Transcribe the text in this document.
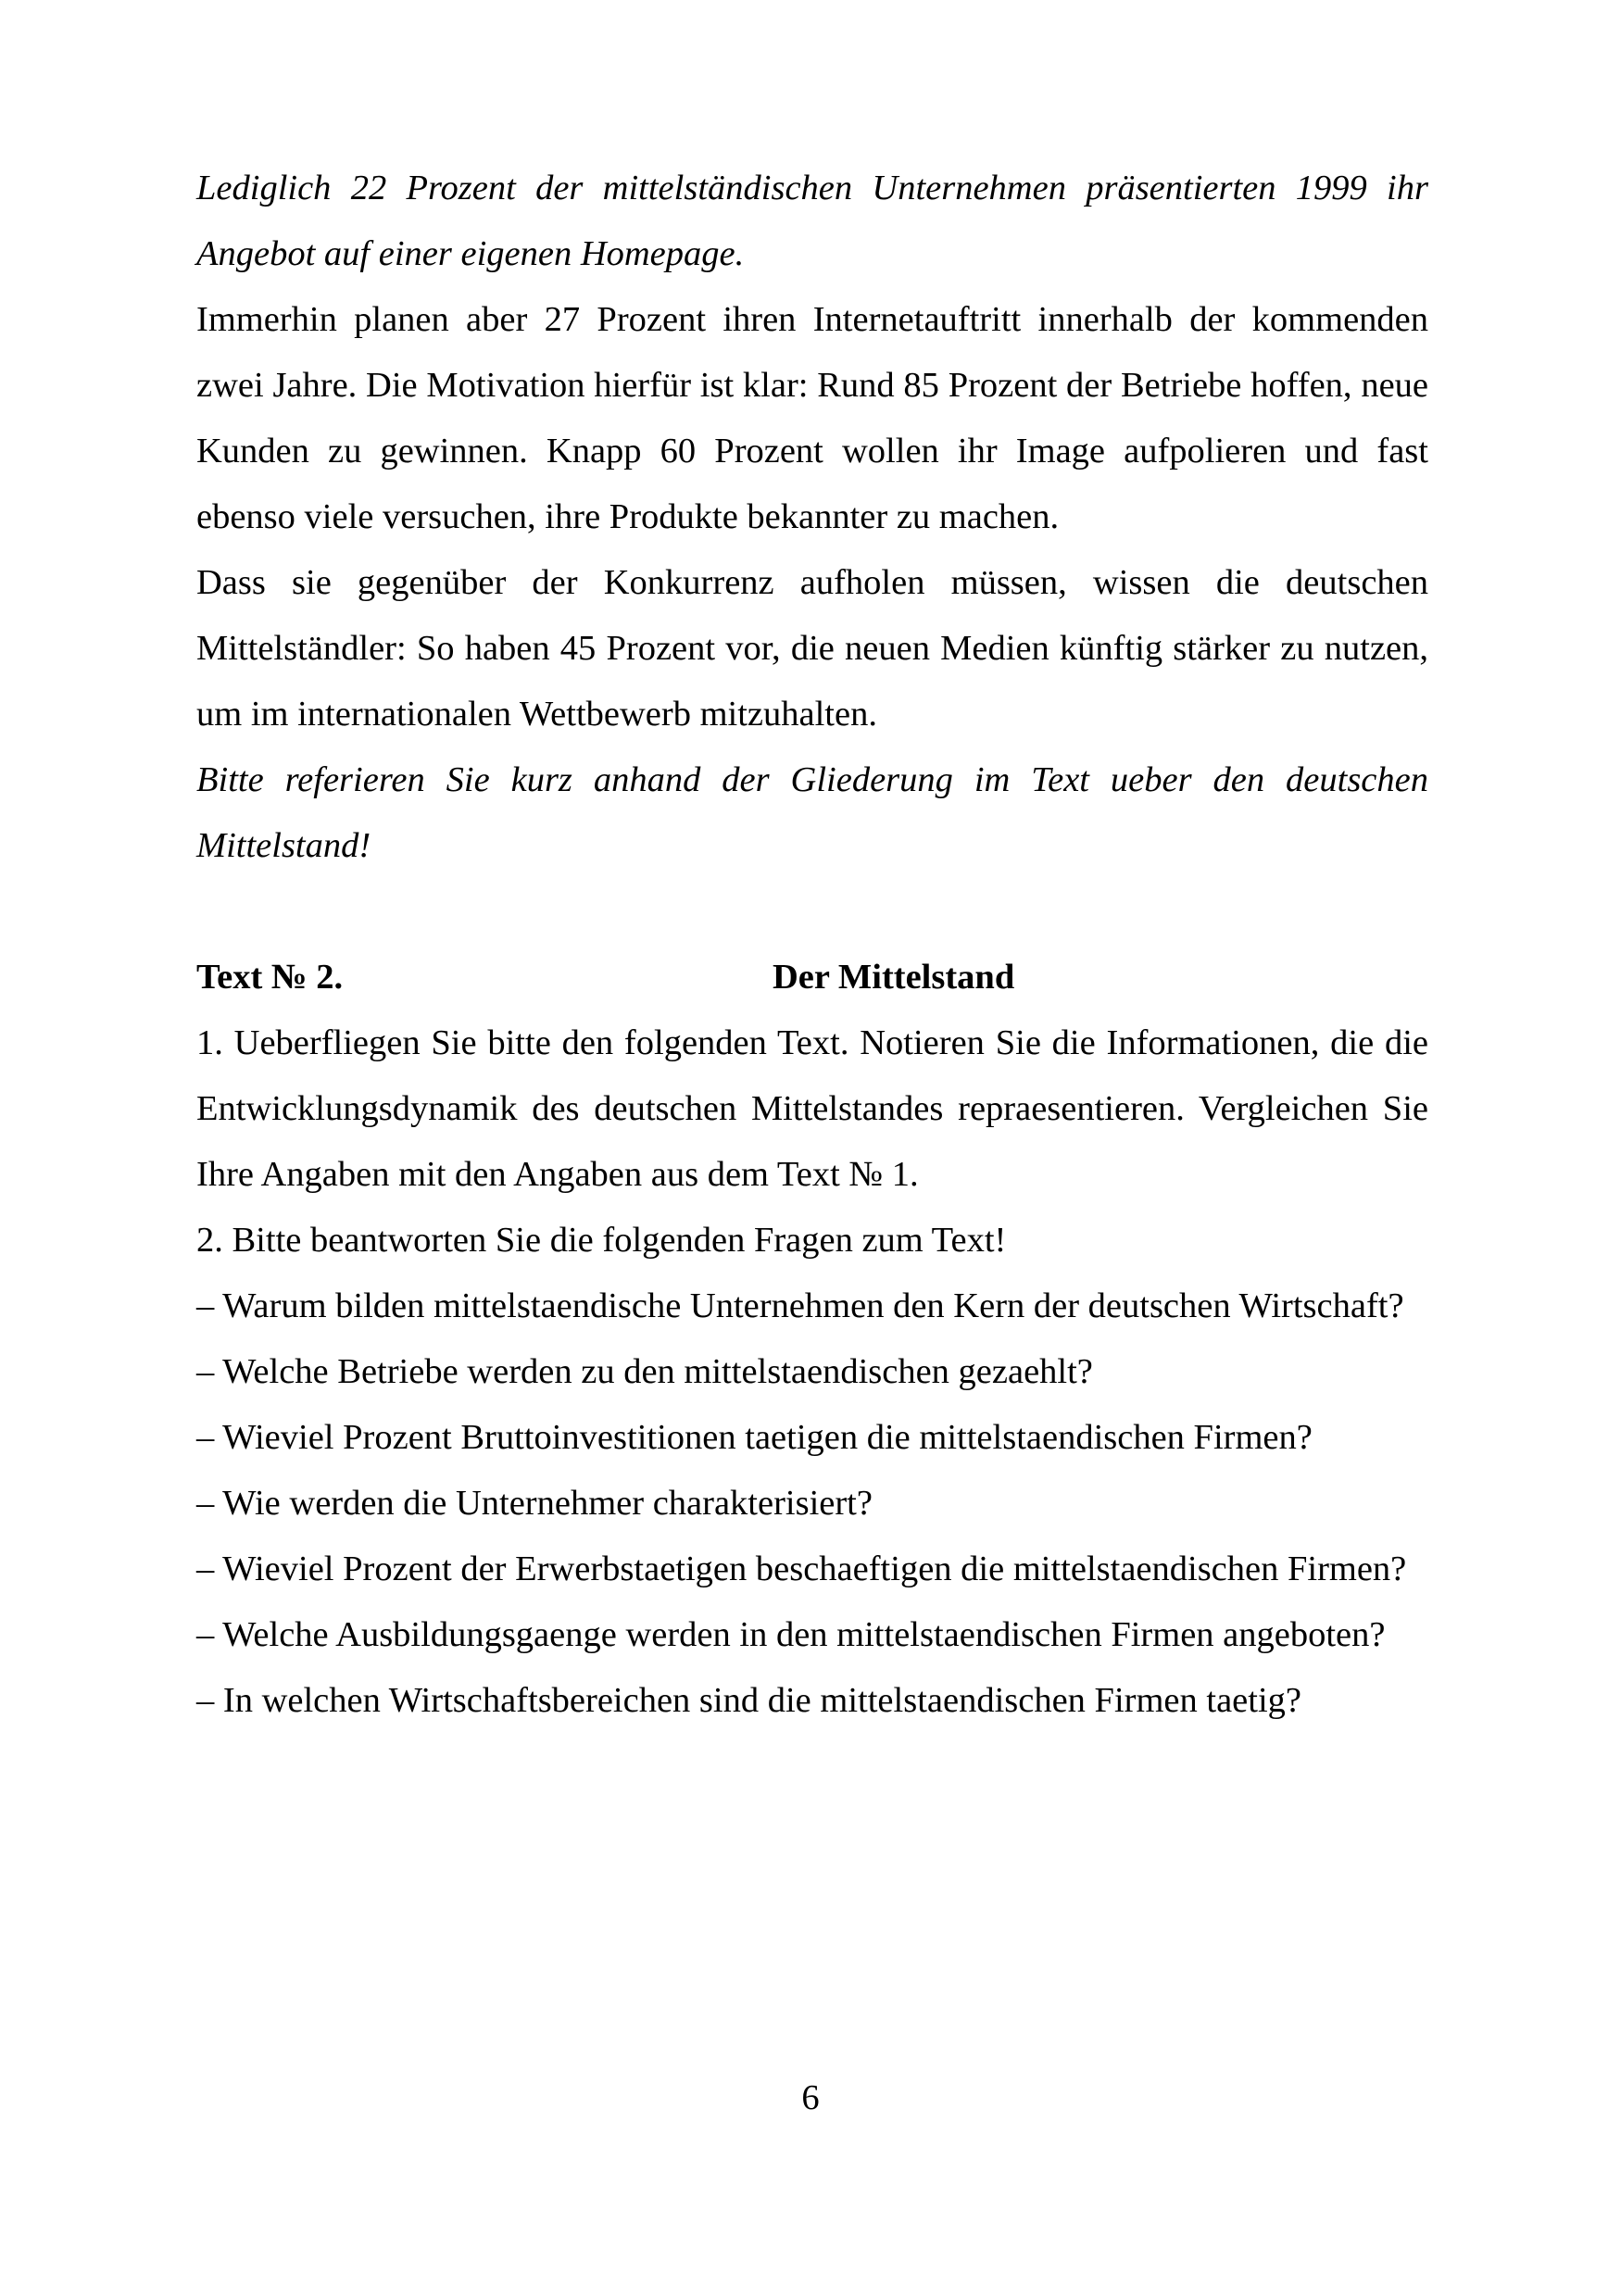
Lediglich 22 Prozent der mittelständischen Unternehmen präsentierten 1999 ihr Angebot auf einer eigenen Homepage.

Immerhin planen aber 27 Prozent ihren Internetauftritt innerhalb der kommenden zwei Jahre. Die Motivation hierfür ist klar: Rund 85 Prozent der Betriebe hoffen, neue Kunden zu gewinnen. Knapp 60 Prozent wollen ihr Image aufpolieren und fast ebenso viele versuchen, ihre Produkte bekannter zu machen.

Dass sie gegenüber der Konkurrenz aufholen müssen, wissen die deutschen Mittelständler: So haben 45 Prozent vor, die neuen Medien künftig stärker zu nutzen, um im internationalen Wettbewerb mitzuhalten.

Bitte referieren Sie kurz anhand der Gliederung im Text ueber den deutschen Mittelstand!

Text № 2.	Der Mittelstand

1. Ueberfliegen Sie bitte den folgenden Text. Notieren Sie die Informationen, die die Entwicklungsdynamik des deutschen Mittelstandes repraesentieren. Vergleichen Sie Ihre Angaben mit den Angaben aus dem Text № 1.

2. Bitte beantworten Sie die folgenden Fragen zum Text!

– Warum bilden mittelstaendische Unternehmen den Kern der deutschen Wirtschaft?

– Welche Betriebe werden zu den mittelstaendischen gezaehlt?

– Wieviel Prozent Bruttoinvestitionen taetigen die mittelstaendischen Firmen?

– Wie werden die Unternehmer charakterisiert?

– Wieviel Prozent der Erwerbstaetigen beschaeftigen die mittelstaendischen Firmen?

– Welche Ausbildungsgaenge werden in den mittelstaendischen Firmen angeboten?

– In welchen Wirtschaftsbereichen sind die mittelstaendischen Firmen taetig?

6
